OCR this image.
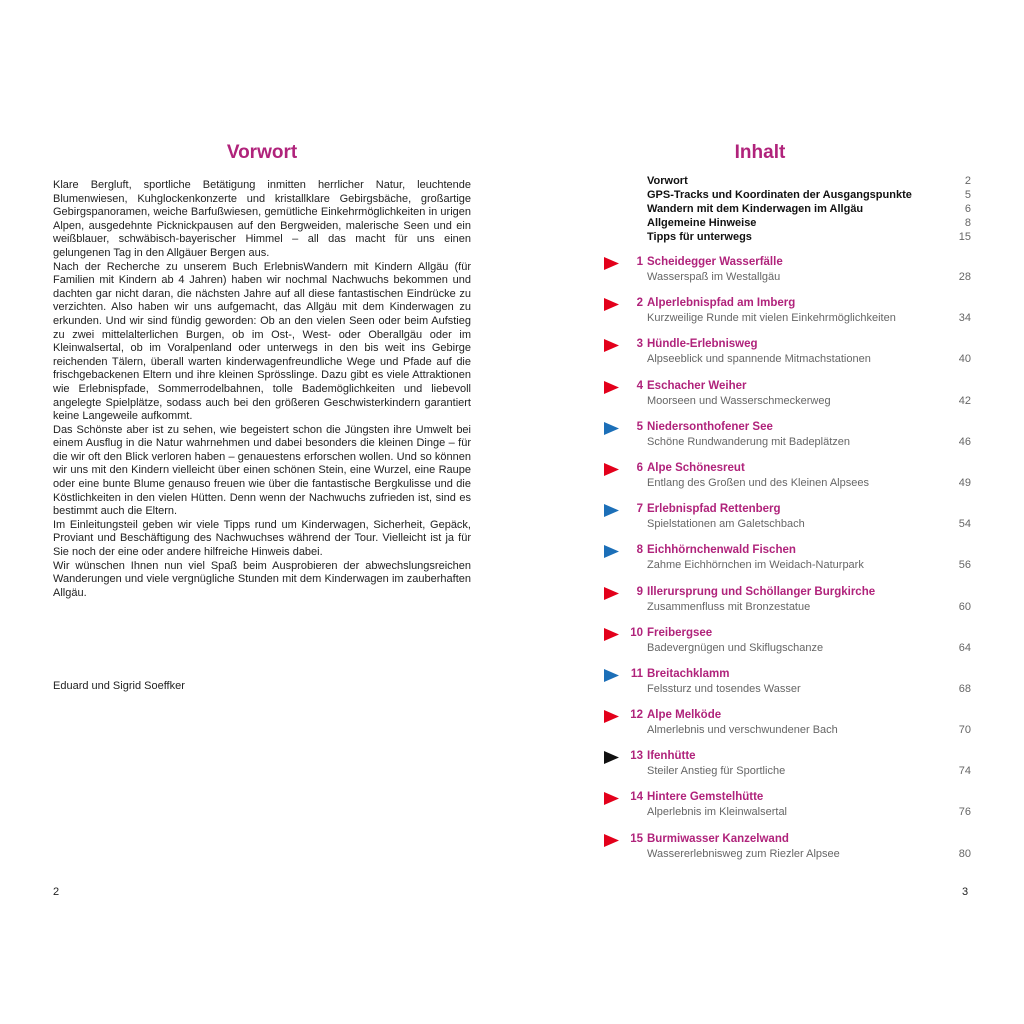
Vorwort

Klare Bergluft, sportliche Betätigung inmitten herrlicher Natur, leuchtende Blumenwiesen, Kuhglockenkonzerte und kristallklare Gebirgsbäche, großartige Gebirgspanoramen, weiche Barfußwiesen, gemütliche Einkehrmöglichkeiten in urigen Alpen, ausgedehnte Picknickpausen auf den Bergweiden, malerische Seen und ein weißblauer, schwäbisch-bayerischer Himmel – all das macht für uns einen gelungenen Tag in den Allgäuer Bergen aus.

Nach der Recherche zu unserem Buch ErlebnisWandern mit Kindern Allgäu (für Familien mit Kindern ab 4 Jahren) haben wir nochmal Nachwuchs bekommen und dachten gar nicht daran, die nächsten Jahre auf all diese fantastischen Eindrücke zu verzichten. Also haben wir uns aufgemacht, das Allgäu mit dem Kinderwagen zu erkunden. Und wir sind fündig geworden: Ob an den vielen Seen oder beim Aufstieg zu zwei mittelalterlichen Burgen, ob im Ost-, West- oder Oberallgäu oder im Kleinwalsertal, ob im Voralpenland oder unterwegs in den bis weit ins Gebirge reichenden Tälern, überall warten kinderwagenfreundliche Wege und Pfade auf die frischgebackenen Eltern und ihre kleinen Sprösslinge. Dazu gibt es viele Attraktionen wie Erlebnispfade, Sommerrodelbahnen, tolle Bademöglichkeiten und liebevoll angelegte Spielplätze, sodass auch bei den größeren Geschwisterkindern garantiert keine Langeweile aufkommt.

Das Schönste aber ist zu sehen, wie begeistert schon die Jüngsten ihre Umwelt bei einem Ausflug in die Natur wahrnehmen und dabei besonders die kleinen Dinge – für die wir oft den Blick verloren haben – genauestens erforschen wollen. Und so können wir uns mit den Kindern vielleicht über einen schönen Stein, eine Wurzel, eine Raupe oder eine bunte Blume genauso freuen wie über die fantastische Bergkulisse und die Köstlichkeiten in den vielen Hütten. Denn wenn der Nachwuchs zufrieden ist, sind es bestimmt auch die Eltern.

Im Einleitungsteil geben wir viele Tipps rund um Kinderwagen, Sicherheit, Gepäck, Proviant und Beschäftigung des Nachwuchses während der Tour. Vielleicht ist ja für Sie noch der eine oder andere hilfreiche Hinweis dabei.

Wir wünschen Ihnen nun viel Spaß beim Ausprobieren der abwechslungsreichen Wanderungen und viele vergnügliche Stunden mit dem Kinderwagen im zauberhaften Allgäu.

Eduard und Sigrid Soeffker
2
Inhalt
Vorwort	2
GPS-Tracks und Koordinaten der Ausgangspunkte	5
Wandern mit dem Kinderwagen im Allgäu	6
Allgemeine Hinweise	8
Tipps für unterwegs	15
1 Scheidegger Wasserfälle
Wasserspaß im Westallgäu	28
2 Alperlebnispfad am Imberg
Kurzweilige Runde mit vielen Einkehrmöglichkeiten	34
3 Hündle-Erlebnisweg
Alpseeblick und spannende Mitmachstationen	40
4 Eschacher Weiher
Moorseen und Wasserschmeckerweg	42
5 Niedersonthofener See
Schöne Rundwanderung mit Badeplätzen	46
6 Alpe Schönesreut
Entlang des Großen und des Kleinen Alpsees	49
7 Erlebnispfad Rettenberg
Spielstationen am Galetschbach	54
8 Eichhörnchenwald Fischen
Zahme Eichhörnchen im Weidach-Naturpark	56
9 Illerursprung und Schöllanger Burgkirche
Zusammenfluss mit Bronzestatue	60
10 Freibergsee
Badevergnügen und Skiflugschanze	64
11 Breitachklamm
Felssturz und tosendes Wasser	68
12 Alpe Melköde
Almerlebnis und verschwundener Bach	70
13 Ifenhütte
Steiler Anstieg für Sportliche	74
14 Hintere Gemstelhütte
Alperlebnis im Kleinwalsertal	76
15 Burmiwasser Kanzelwand
Wassererlebnisweg zum Riezler Alpsee	80
3
